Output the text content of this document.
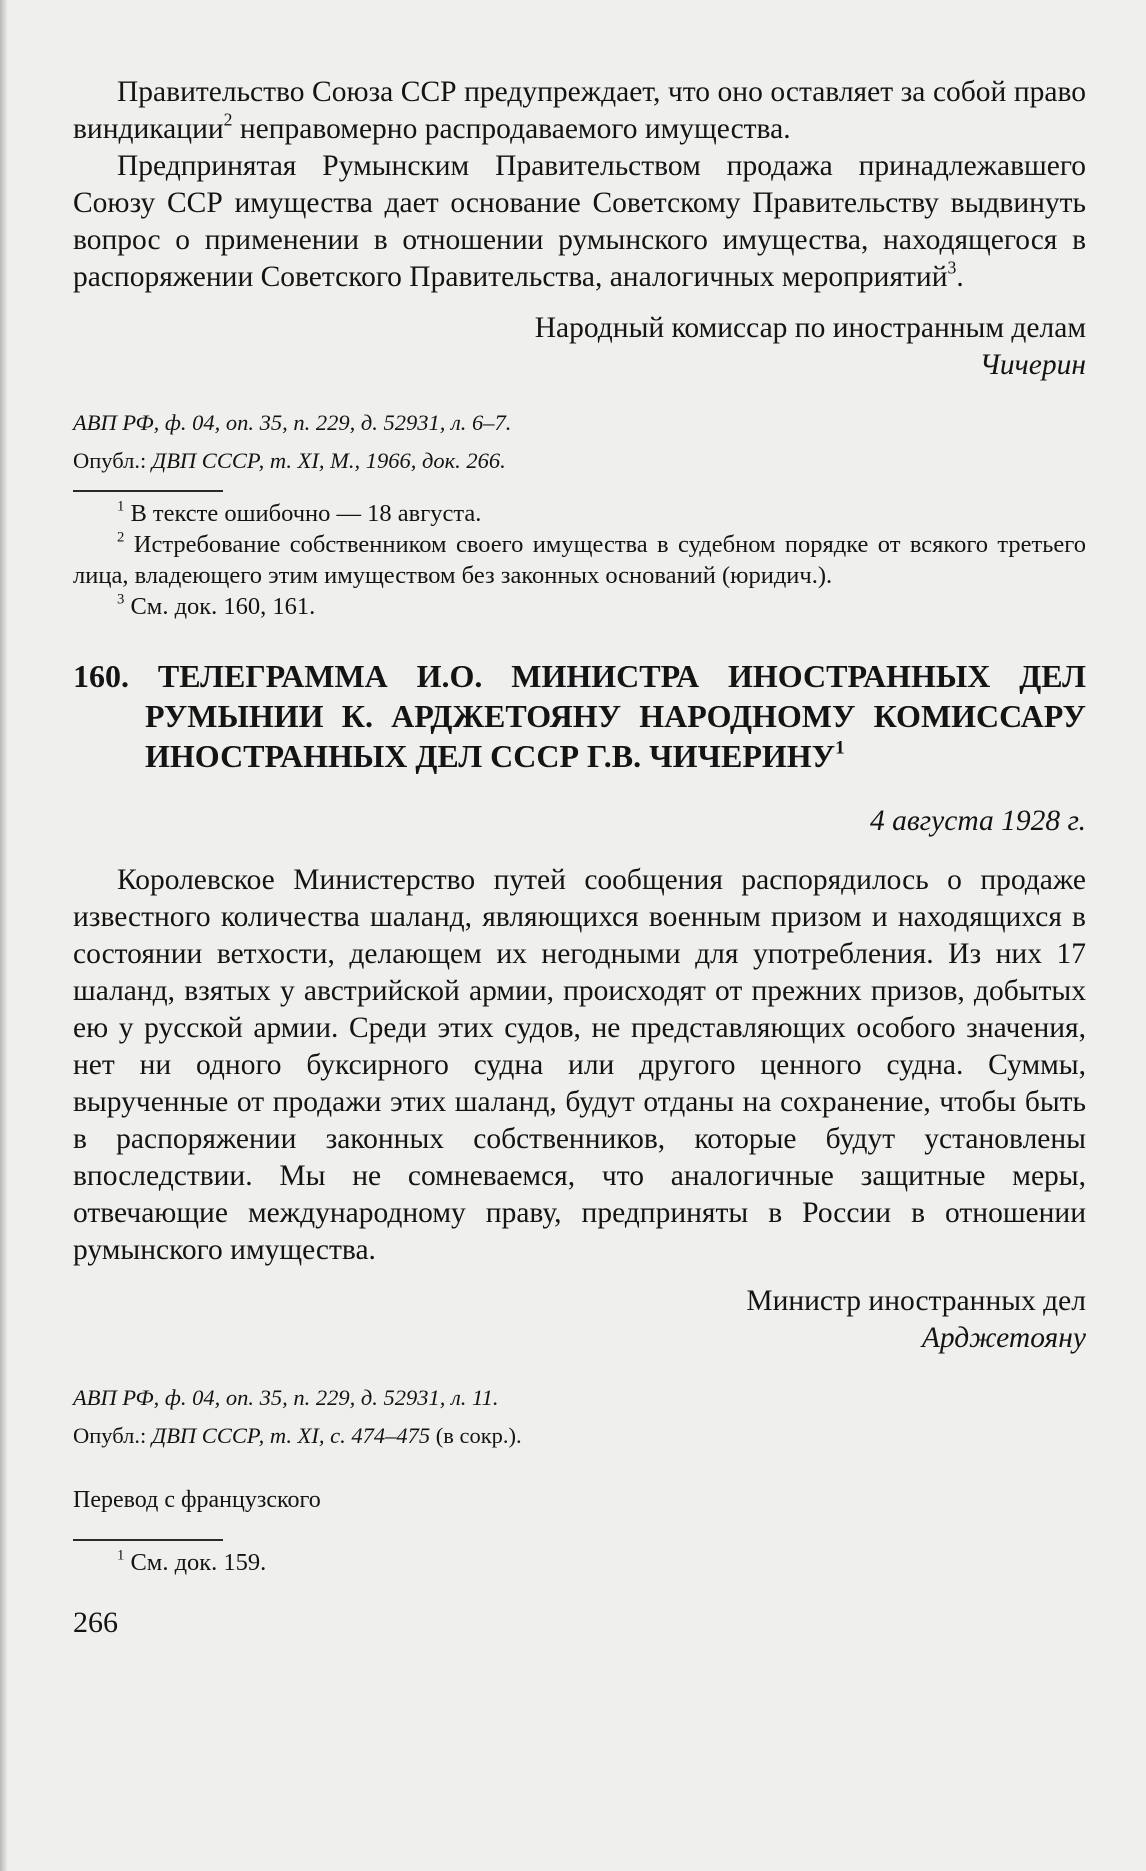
Правительство Союза ССР предупреждает, что оно оставляет за собой право виндикации$^2$ неправомерно распродаваемого имущества.

Предпринятая Румынским Правительством продажа принадлежавшего Союзу ССР имущества дает основание Советскому Правительству выдвинуть вопрос о применении в отношении румынского имущества, находящегося в распоряжении Советского Правительства, аналогичных мероприятий$^3$.

Народный комиссар по иностранным делам

Чичерин

АВП РФ, ф. 04, оп. 35, п. 229, д. 52931, л. 6–7.

Опубл.: ДВП СССР, т. XI, М., 1966, док. 266.

$^1$ В тексте ошибочно — 18 августа.

$^2$ Истребование собственником своего имущества в судебном порядке от всякого третьего лица, владеющего этим имуществом без законных оснований (юридич.).

$^3$ См. док. 160, 161.

160. ТЕЛЕГРАММА И.О. МИНИСТРА ИНОСТРАННЫХ ДЕЛ РУМЫНИИ К. АРДЖЕТОЯНУ НАРОДНОМУ КОМИССАРУ ИНОСТРАННЫХ ДЕЛ СССР Г.В. ЧИЧЕРИНУ$^1$

4 августа 1928 г.

Королевское Министерство путей сообщения распорядилось о продаже известного количества шаланд, являющихся военным призом и находящихся в состоянии ветхости, делающем их негодными для употребления. Из них 17 шаланд, взятых у австрийской армии, происходят от прежних призов, добытых ею у русской армии. Среди этих судов, не представляющих особого значения, нет ни одного буксирного судна или другого ценного судна. Суммы, вырученные от продажи этих шаланд, будут отданы на сохранение, чтобы быть в распоряжении законных собственников, которые будут установлены впоследствии. Мы не сомневаемся, что аналогичные защитные меры, отвечающие международному праву, предприняты в России в отношении румынского имущества.

Министр иностранных дел

Арджетояну

АВП РФ, ф. 04, оп. 35, п. 229, д. 52931, л. 11.

Опубл.: ДВП СССР, т. XI, с. 474–475 (в сокр.).

Перевод с французского

$^1$ См. док. 159.

266
